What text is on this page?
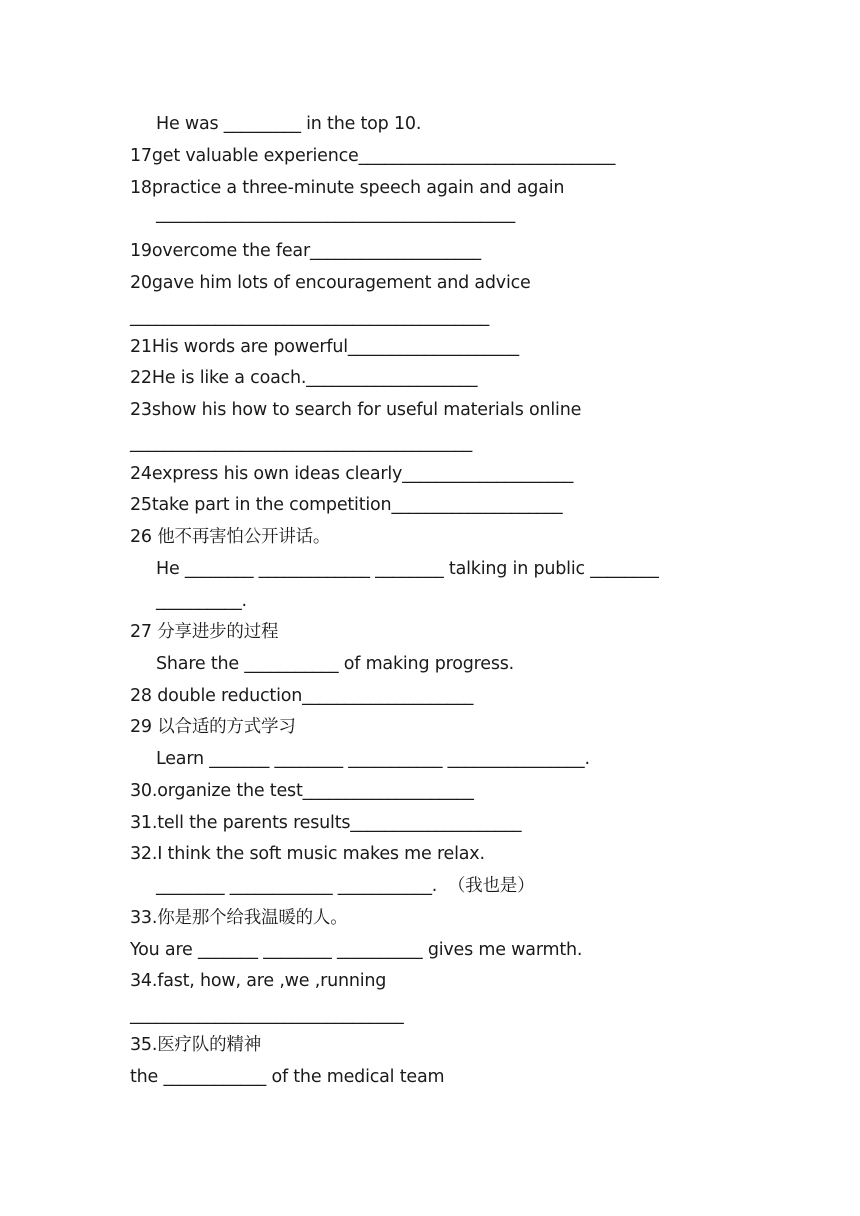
He was _________ in the top 10.
17get valuable experience______________________________
18practice a three-minute speech again and again
__________________________________________
19overcome the fear____________________
20gave him lots of encouragement and advice
__________________________________________
21His words are powerful____________________
22He is like a coach.____________________
23show his how to search for useful materials online
________________________________________
24express his own ideas clearly____________________
25take part in the competition____________________
26 他不再害怕公开讲话。
He ________ _____________ ________ talking in public ________
__________.
27 分享进步的过程
Share the ___________ of making progress.
28 double reduction____________________
29 以合适的方式学习
Learn _______ ________ ___________ ________________.
30.organize the test____________________
31.tell the parents results____________________
32.I think the soft music makes me relax.
________ ____________ ___________.  （我也是）
33.你是那个给我温暖的人。
You are _______ ________ __________ gives me warmth.
34.fast, how, are ,we ,running
________________________________
35.医疗队的精神
the ____________ of the medical team
